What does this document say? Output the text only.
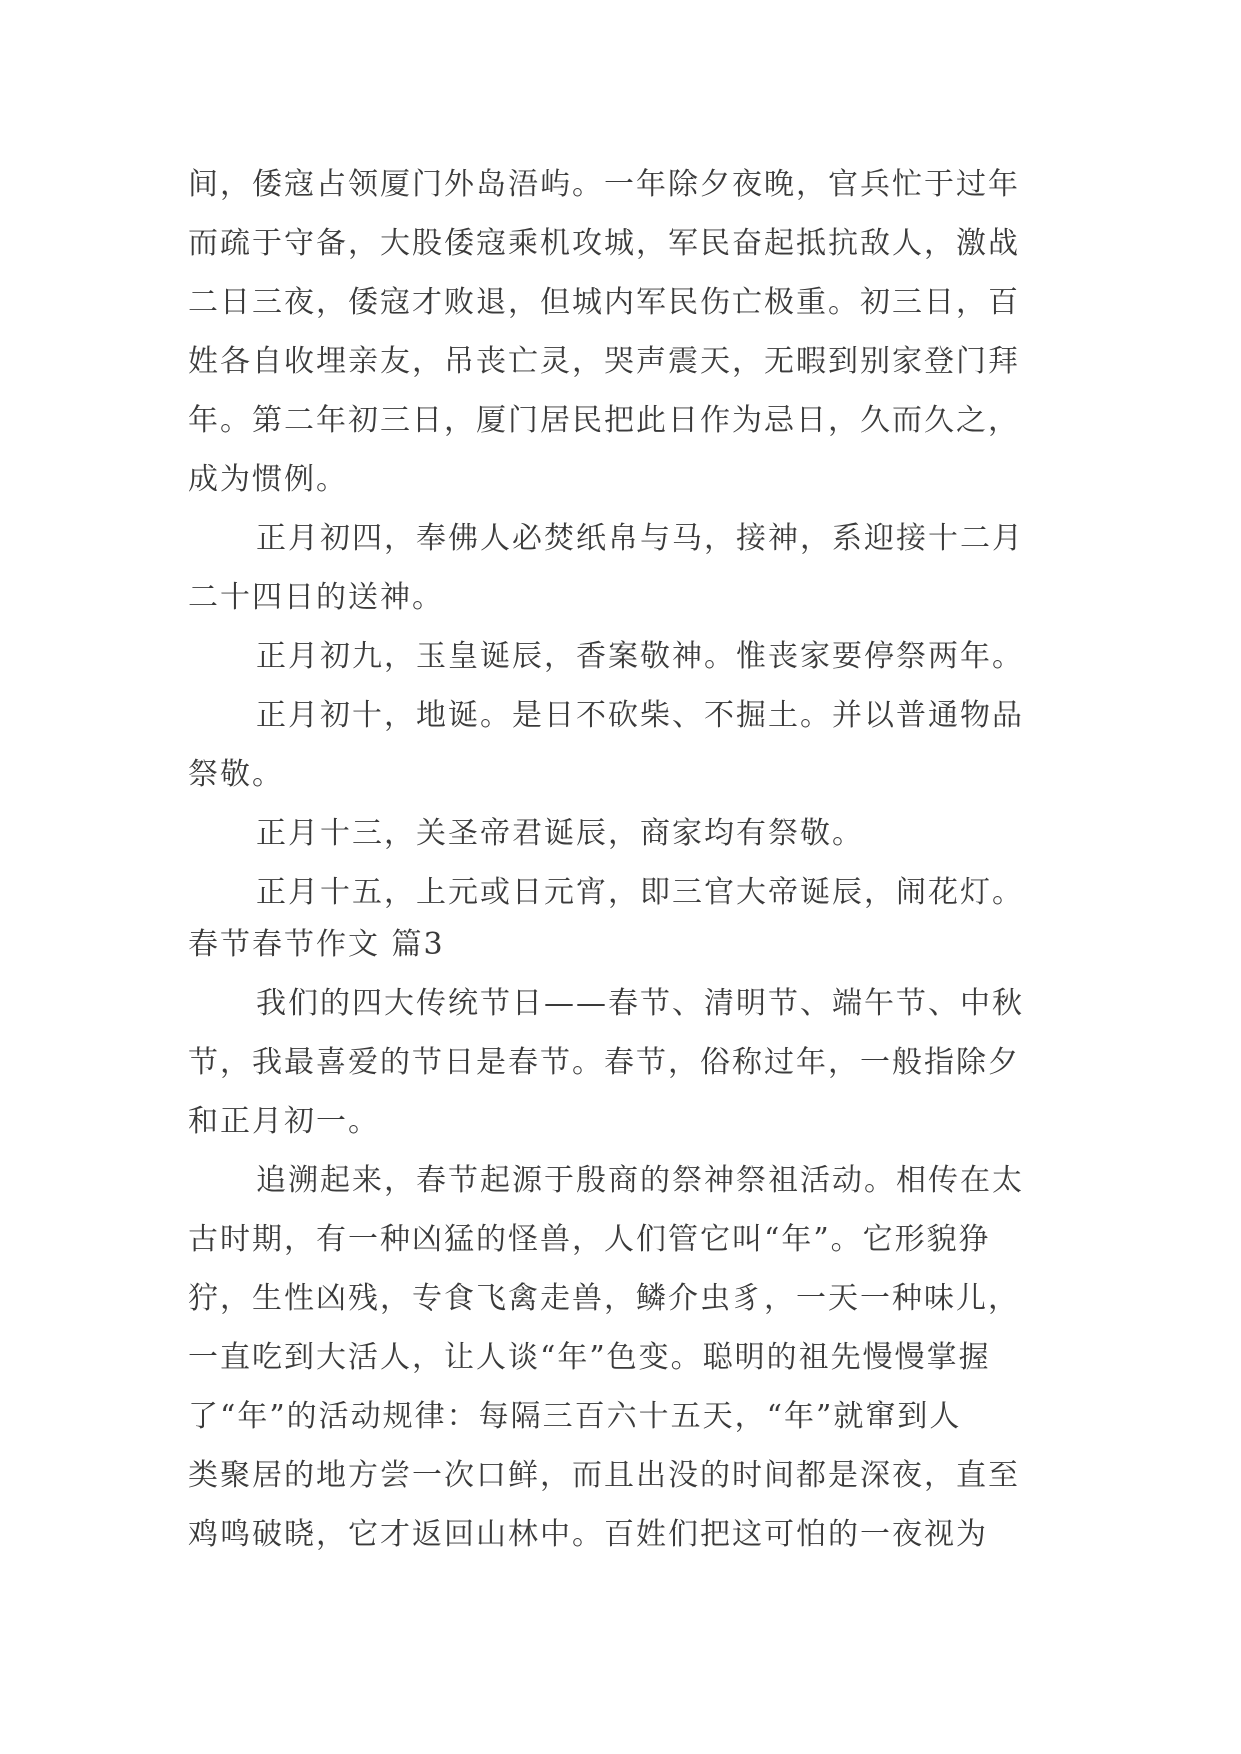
间，倭寇占领厦门外岛浯屿。一年除夕夜晚，官兵忙于过年
而疏于守备，大股倭寇乘机攻城，军民奋起抵抗敌人，激战
二日三夜，倭寇才败退，但城内军民伤亡极重。初三日，百
姓各自收埋亲友，吊丧亡灵，哭声震天，无暇到别家登门拜
年。第二年初三日，厦门居民把此日作为忌日，久而久之，
成为惯例。
正月初四，奉佛人必焚纸帛与马，接神，系迎接十二月
二十四日的送神。
正月初九，玉皇诞辰，香案敬神。惟丧家要停祭两年。
正月初十，地诞。是日不砍柴、不掘土。并以普通物品
祭敬。
正月十三，关圣帝君诞辰，商家均有祭敬。
正月十五，上元或日元宵，即三官大帝诞辰，闹花灯。
春节春节作文 篇3
我们的四大传统节日——春节、清明节、端午节、中秋
节，我最喜爱的节日是春节。春节，俗称过年，一般指除夕
和正月初一。
追溯起来，春节起源于殷商的祭神祭祖活动。相传在太
古时期，有一种凶猛的怪兽，人们管它叫“年”。它形貌狰
狞，生性凶残，专食飞禽走兽，鳞介虫豸，一天一种味儿，
一直吃到大活人，让人谈“年”色变。聪明的祖先慢慢掌握
了“年”的活动规律：每隔三百六十五天，“年”就窜到人
类聚居的地方尝一次口鲜，而且出没的时间都是深夜，直至
鸡鸣破晓，它才返回山林中。百姓们把这可怕的一夜视为
